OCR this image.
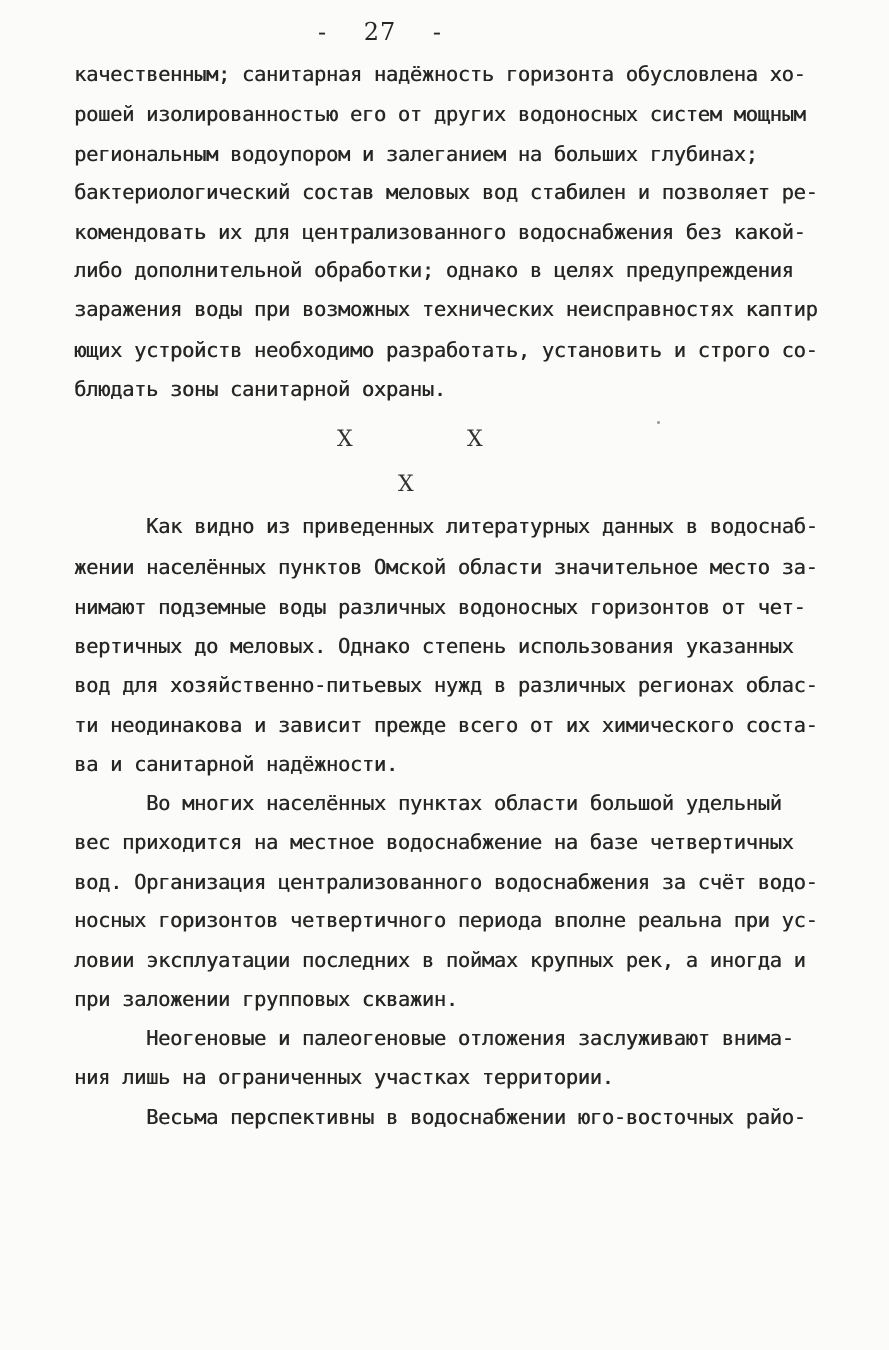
- 27 -
качественным; санитарная надёжность горизонта обусловлена хо-
рошей изолированностью его от других водоносных систем мощным
региональным водоупором и залеганием на больших глубинах;
бактериологический состав меловых вод стабилен и позволяет ре-
комендовать их для централизованного водоснабжения без какой-
либо дополнительной обработки; однако в целях предупреждения
заражения воды при возможных технических неисправностях каптир
ющих устройств необходимо разработать, установить и строго со-
блюдать зоны санитарной охраны.
X	X
X
Как видно из приведенных литературных данных в водоснаб-
жении населённых пунктов Омской области значительное место за-
нимают подземные воды различных водоносных горизонтов от чет-
вертичных до меловых. Однако степень использования указанных
вод для хозяйственно-питьевых нужд в различных регионах облас-
ти неодинакова и зависит прежде всего от их химического соста-
ва и санитарной надёжности.
Во многих населённых пунктах области большой удельный
вес приходится на местное водоснабжение на базе четвертичных
вод. Организация централизованного водоснабжения за счёт водо-
носных горизонтов четвертичного периода вполне реальна при ус-
ловии эксплуатации последних в поймах крупных рек, а иногда и
при заложении групповых скважин.
Неогеновые и палеогеновые отложения заслуживают внима-
ния лишь на ограниченных участках территории.
Весьма перспективны в водоснабжении юго-восточных райо-
